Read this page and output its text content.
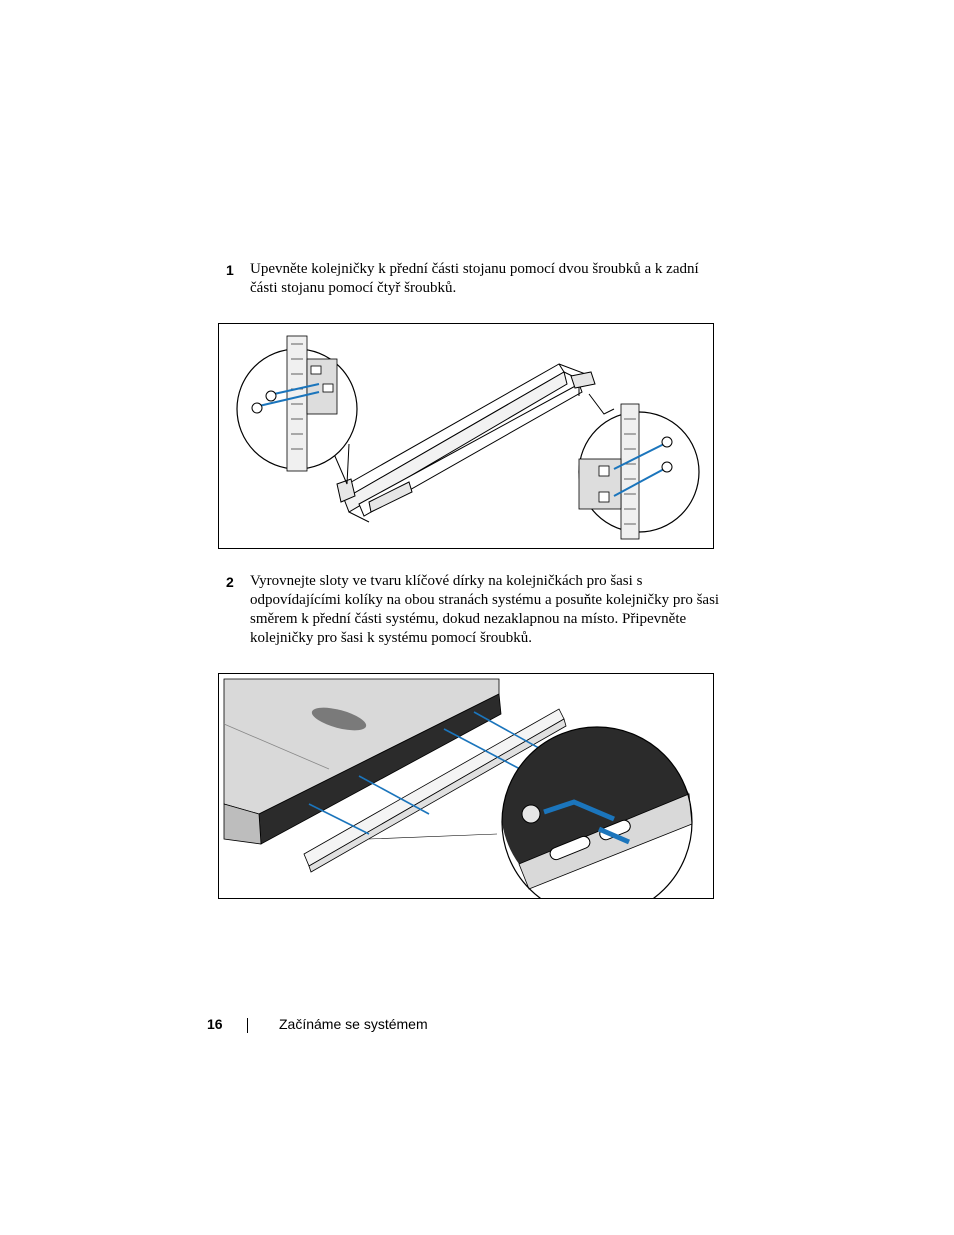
1 Upevněte kolejničky k přední části stojanu pomocí dvou šroubků a k zadní části stojanu pomocí čtyř šroubků.
2 Vyrovnejte sloty ve tvaru klíčové dírky na kolejničkách pro šasi s odpovídajícími kolíky na obou stranách systému a posuňte kolejničky pro šasi směrem k přední části systému, dokud nezaklapnou na místo. Připevněte kolejničky pro šasi k systému pomocí šroubků.
16	Začínáme se systémem
